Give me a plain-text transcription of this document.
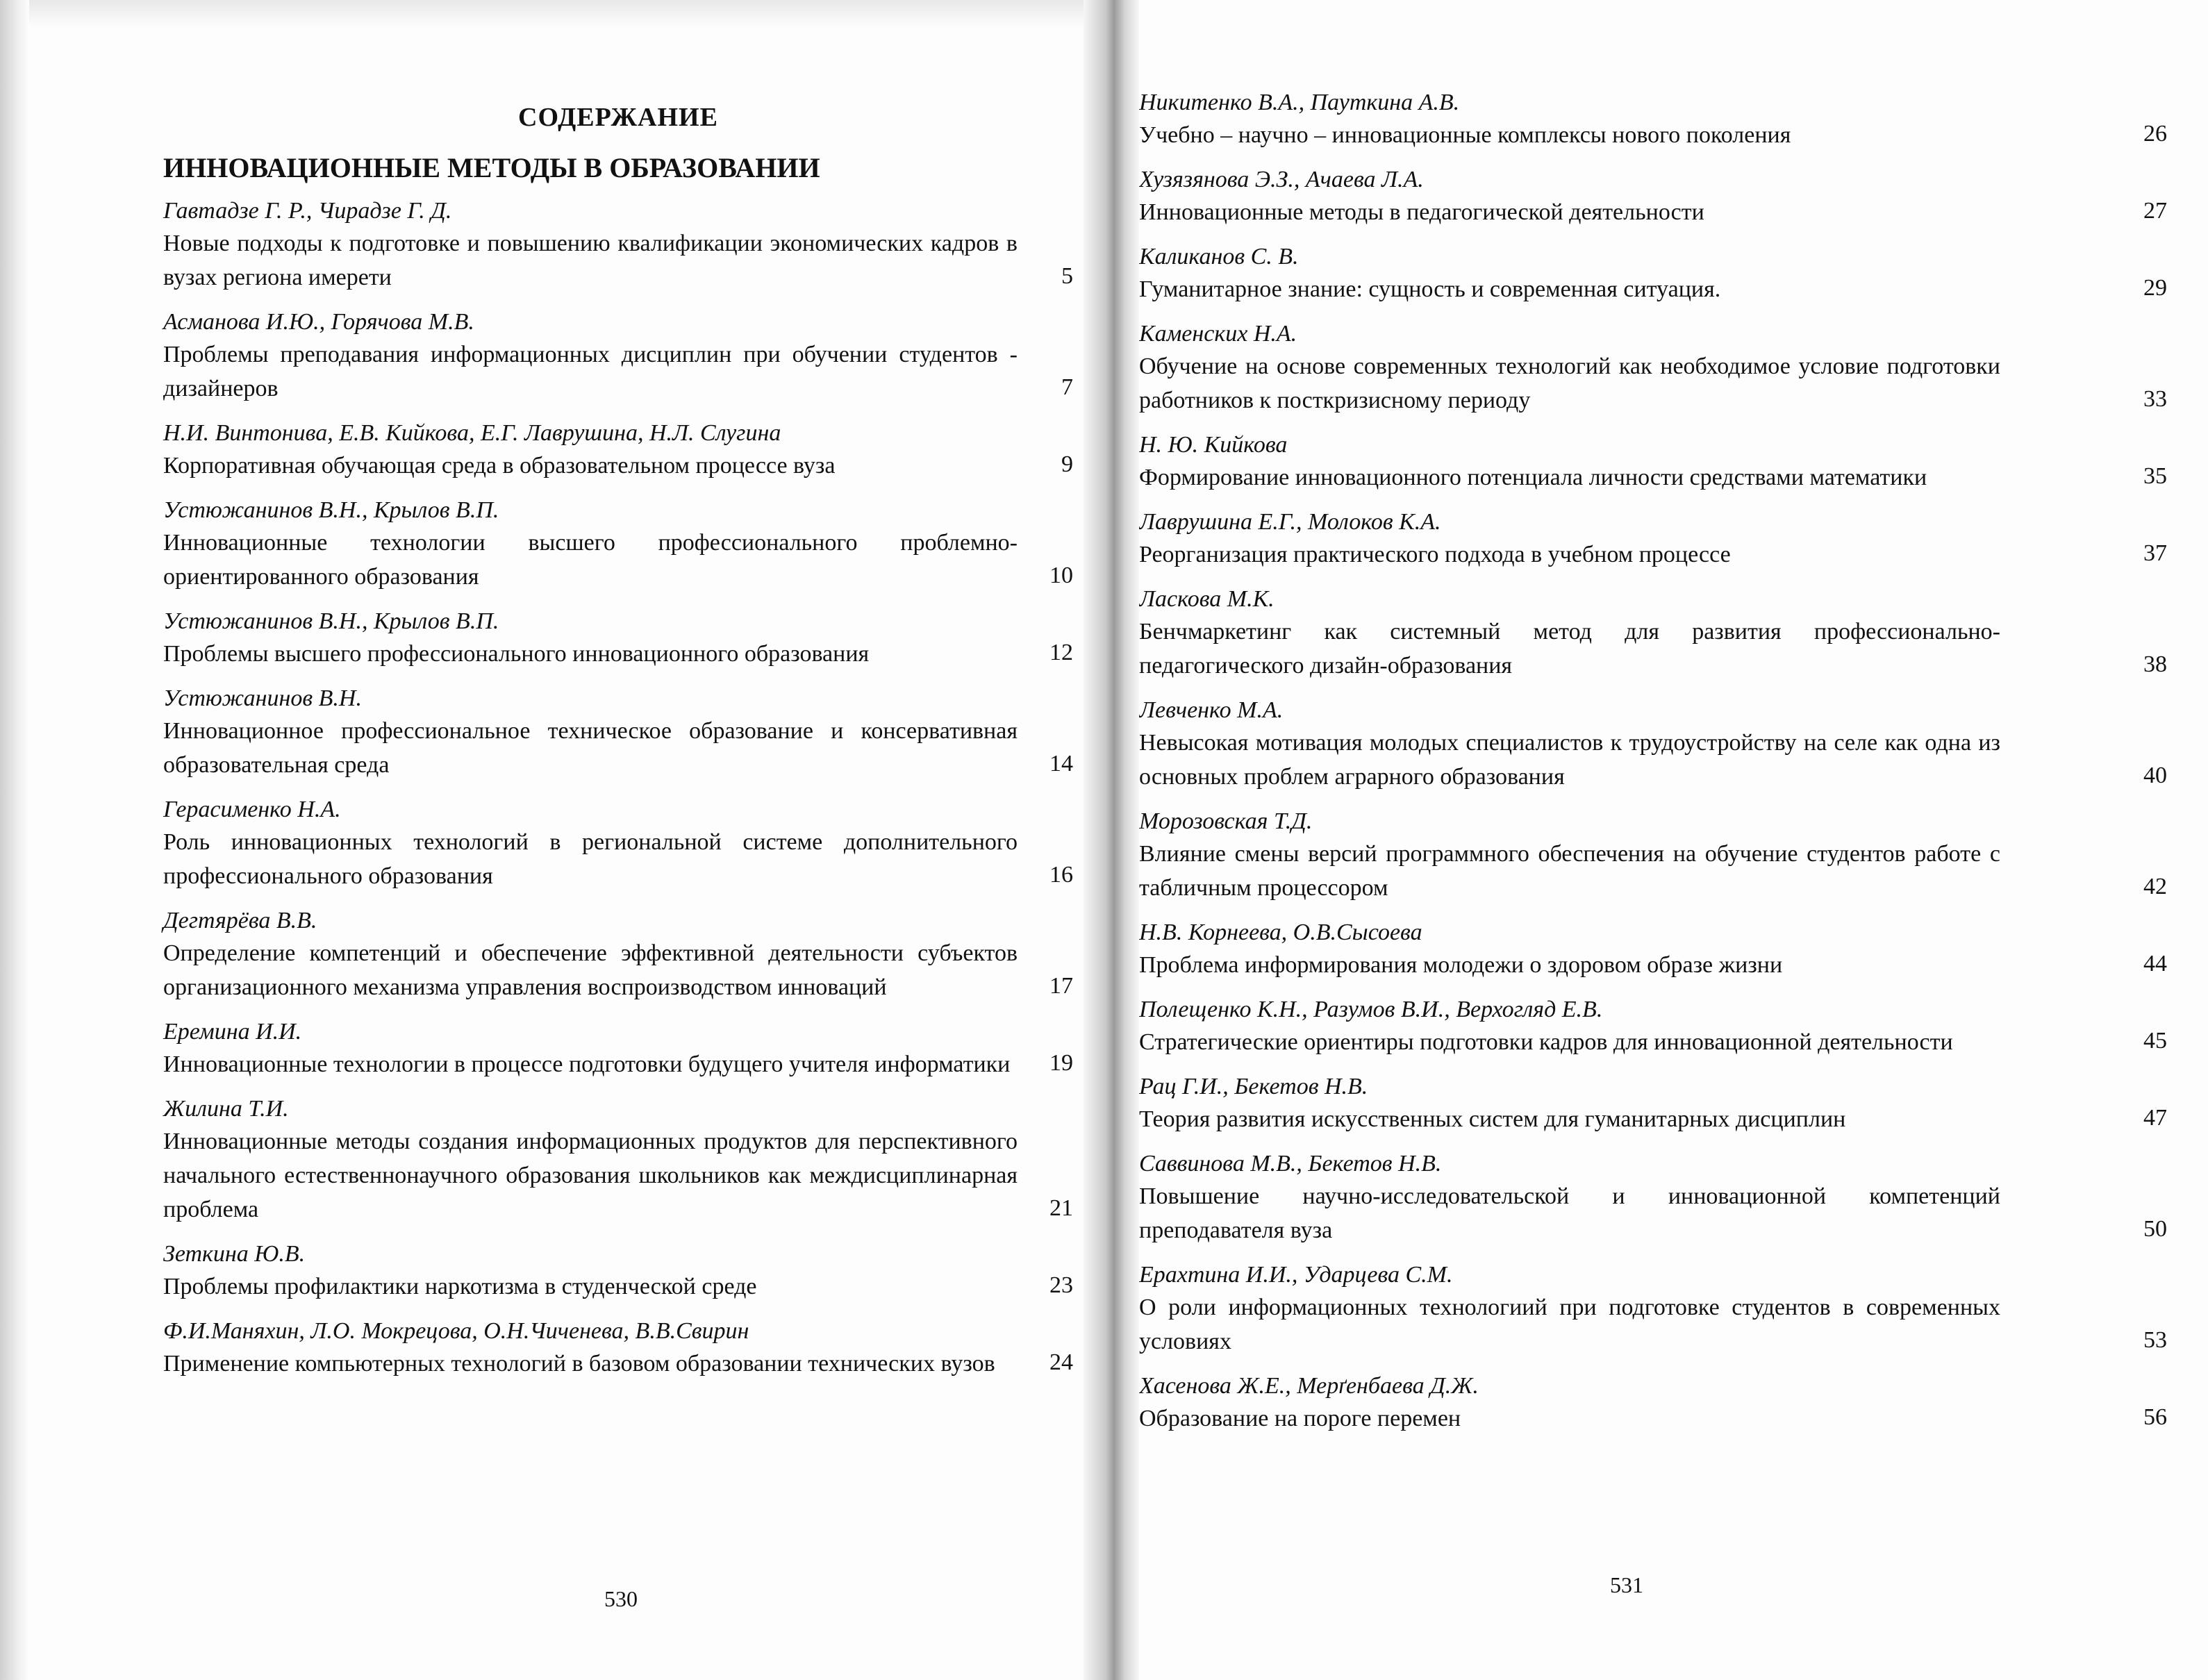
СОДЕРЖАНИЕ
ИННОВАЦИОННЫЕ МЕТОДЫ В ОБРАЗОВАНИИ
Гавтадзе Г. Р., Чирадзе Г. Д.
Новые подходы к подготовке и повышению квалификации экономических кадров в вузах региона имерети	5
Асманова И.Ю., Горячова М.В.
Проблемы преподавания информационных дисциплин при обучении студентов - дизайнеров	7
Н.И. Винтонива, Е.В. Кийкова, Е.Г. Лаврушина, Н.Л. Слугина
Корпоративная обучающая среда в образовательном процессе вуза	9
Устюжанинов В.Н., Крылов В.П.
Инновационные технологии высшего профессионального проблемно-ориентированного образования	10
Устюжанинов В.Н., Крылов В.П.
Проблемы высшего профессионального инновационного образования	12
Устюжанинов В.Н.
Инновационное профессиональное техническое образование и консервативная образовательная среда	14
Герасименко Н.А.
Роль инновационных технологий в региональной системе дополнительного профессионального образования	16
Дегтярёва В.В.
Определение компетенций и обеспечение эффективной деятельности субъектов организационного механизма управления воспроизводством инноваций	17
Еремина И.И.
Инновационные технологии в процессе подготовки будущего учителя информатики	19
Жилина Т.И.
Инновационные методы создания информационных продуктов для перспективного начального естественнонаучного образования школьников как междисциплинарная проблема	21
Зеткина Ю.В.
Проблемы профилактики наркотизма в студенческой среде	23
Ф.И.Маняхин, Л.О. Мокрецова, О.Н.Чиченева, В.В.Свирин
Применение компьютерных технологий в базовом образовании технических вузов	24
530
Никитенко В.А., Пауткина А.В.
Учебно – научно – инновационные комплексы нового поколения	26
Хузязянова Э.З., Ачаева Л.А.
Инновационные методы в педагогической деятельности	27
Каликанов С. В.
Гуманитарное знание: сущность и современная ситуация.	29
Каменских Н.А.
Обучение на основе современных технологий как необходимое условие подготовки работников к посткризисному периоду	33
Н. Ю. Кийкова
Формирование инновационного потенциала личности средствами математики	35
Лаврушина Е.Г., Молоков К.А.
Реорганизация практического подхода в учебном процессе	37
Ласкова М.К.
Бенчмаркетинг как системный метод для развития профессионально-педагогического дизайн-образования	38
Левченко М.А.
Невысокая мотивация молодых специалистов к трудоустройству на селе как одна из основных проблем аграрного образования	40
Морозовская Т.Д.
Влияние смены версий программного обеспечения на обучение студентов работе с табличным процессором	42
Н.В. Корнеева, О.В.Сысоева
Проблема информирования молодежи о здоровом образе жизни	44
Полещенко К.Н., Разумов В.И., Верхогляд Е.В.
Стратегические ориентиры подготовки кадров для инновационной деятельности	45
Рац Г.И., Бекетов Н.В.
Теория развития искусственных систем для гуманитарных дисциплин	47
Саввинова М.В., Бекетов Н.В.
Повышение научно-исследовательской и инновационной компетенций преподавателя вуза	50
Ерахтина И.И., Ударцева С.М.
О роли информационных технологиий при подготовке студентов в современных условиях	53
Хасенова Ж.Е., Мерґенбаева Д.Ж.
Образование на пороге перемен	56
531
